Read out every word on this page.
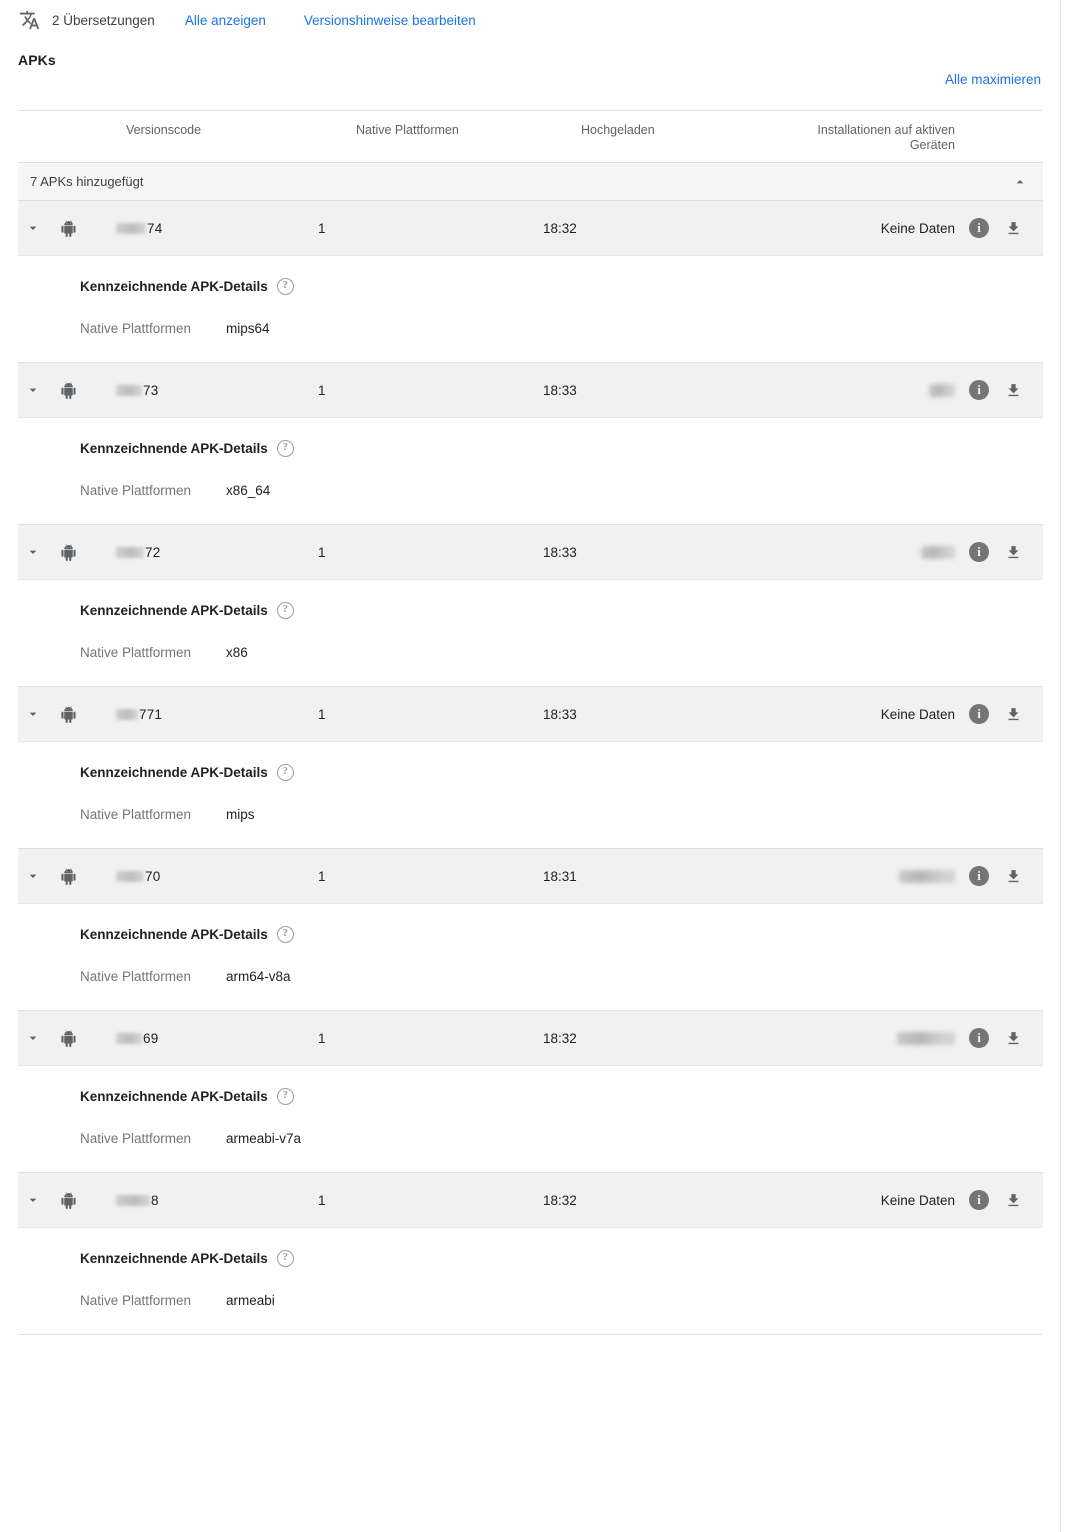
2 Übersetzungen Alle anzeigen	Versionshinweise bearbeiten
APKs
Alle maximieren
Versionscode	Native Plattformen	Hochgeladen	Installationen auf aktiven Geräten
7 APKs hinzugefügt
74	1	18:32	Keine Daten	i
Kennzeichnende APK-Details	?
Native Plattformen	mips64
73	1	18:33	i
Kennzeichnende APK-Details	?
Native Plattformen	x86_64
72	1	18:33	i
Kennzeichnende APK-Details	?
Native Plattformen	x86
771	1	18:33	Keine Daten	i
Kennzeichnende APK-Details	?
Native Plattformen	mips
70	1	18:31	i
Kennzeichnende APK-Details	?
Native Plattformen	arm64-v8a
69	1	18:32	i
Kennzeichnende APK-Details	?
Native Plattformen	armeabi-v7a
8	1	18:32	Keine Daten	i
Kennzeichnende APK-Details	?
Native Plattformen	armeabi
